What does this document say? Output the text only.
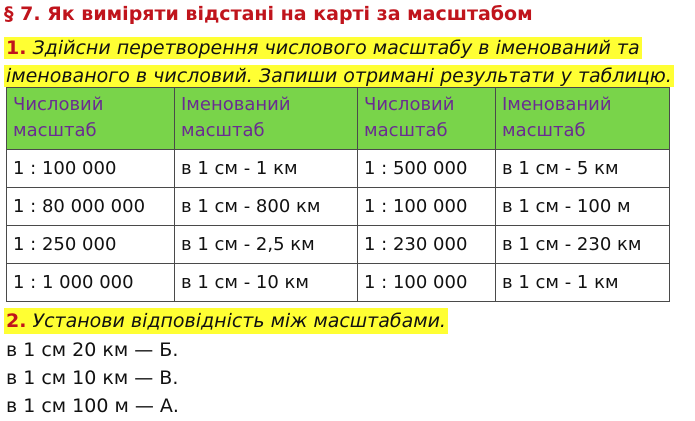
§ 7. Як виміряти відстані на карті за масштабом
1. Здійсни перетворення числового масштабу в іменований та
іменованого в числовий. Запиши отримані результати у таблицю.
Числовий масштаб	Іменований масштаб	Числовий масштаб	Іменований масштаб
1 : 100 000	в 1 см - 1 км	1 : 500 000	в 1 см - 5 км
1 : 80 000 000	в 1 см - 800 км	1 : 100 000	в 1 см - 100 м
1 : 250 000	в 1 см - 2,5 км	1 : 230 000	в 1 см - 230 км
1 : 1 000 000	в 1 см - 10 км	1 : 100 000	в 1 см - 1 км
2. Установи відповідність між масштабами.
в 1 см 20 км — Б.
в 1 см 10 км — В.
в 1 см 100 м — А.
